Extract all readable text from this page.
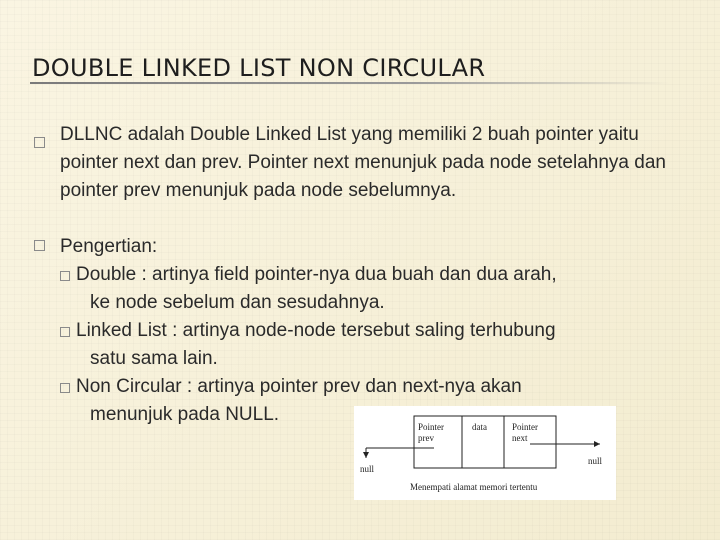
DOUBLE LINKED LIST NON CIRCULAR

DLLNC adalah Double Linked List yang memiliki 2 buah pointer yaitu pointer next dan prev. Pointer next menunjuk pada node setelahnya dan pointer prev menunjuk pada node sebelumnya.

Pengertian:

Double : artinya field pointer-nya dua buah dan dua arah,
ke node sebelum dan sesudahnya.

Linked List : artinya node-node tersebut saling terhubung
satu sama lain.

Non Circular : artinya pointer prev dan next-nya akan
menunjuk pada NULL.

Pointer
prev
data	Pointer
next
null
null
Menempati alamat memori tertentu
